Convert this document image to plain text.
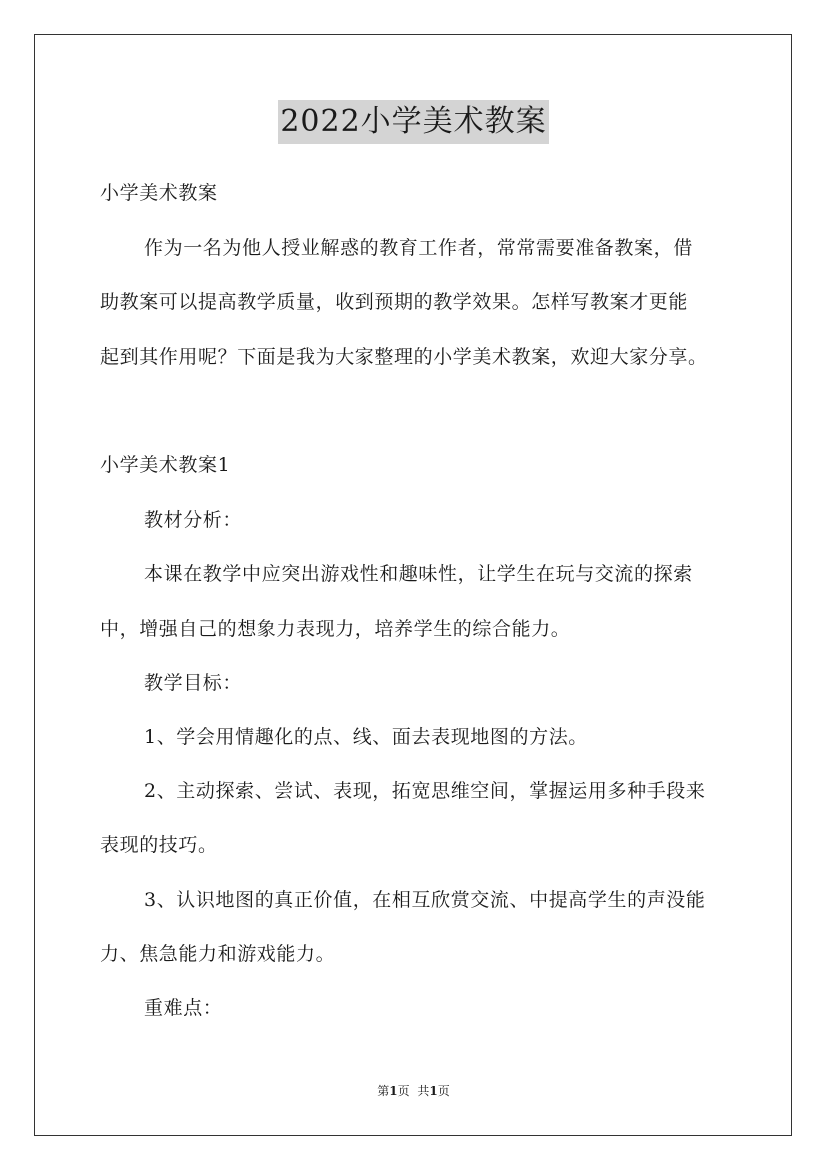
2022小学美术教案
小学美术教案
作为一名为他人授业解惑的教育工作者，常常需要准备教案，借
助教案可以提高教学质量，收到预期的教学效果。怎样写教案才更能
起到其作用呢？下面是我为大家整理的小学美术教案，欢迎大家分享。
小学美术教案1
教材分析：
本课在教学中应突出游戏性和趣味性，让学生在玩与交流的探索
中，增强自己的想象力表现力，培养学生的综合能力。
教学目标：
1、学会用情趣化的点、线、面去表现地图的方法。
2、主动探索、尝试、表现，拓宽思维空间，掌握运用多种手段来
表现的技巧。
3、认识地图的真正价值，在相互欣赏交流、中提高学生的声没能
力、焦急能力和游戏能力。
重难点：
第1页 共1页
